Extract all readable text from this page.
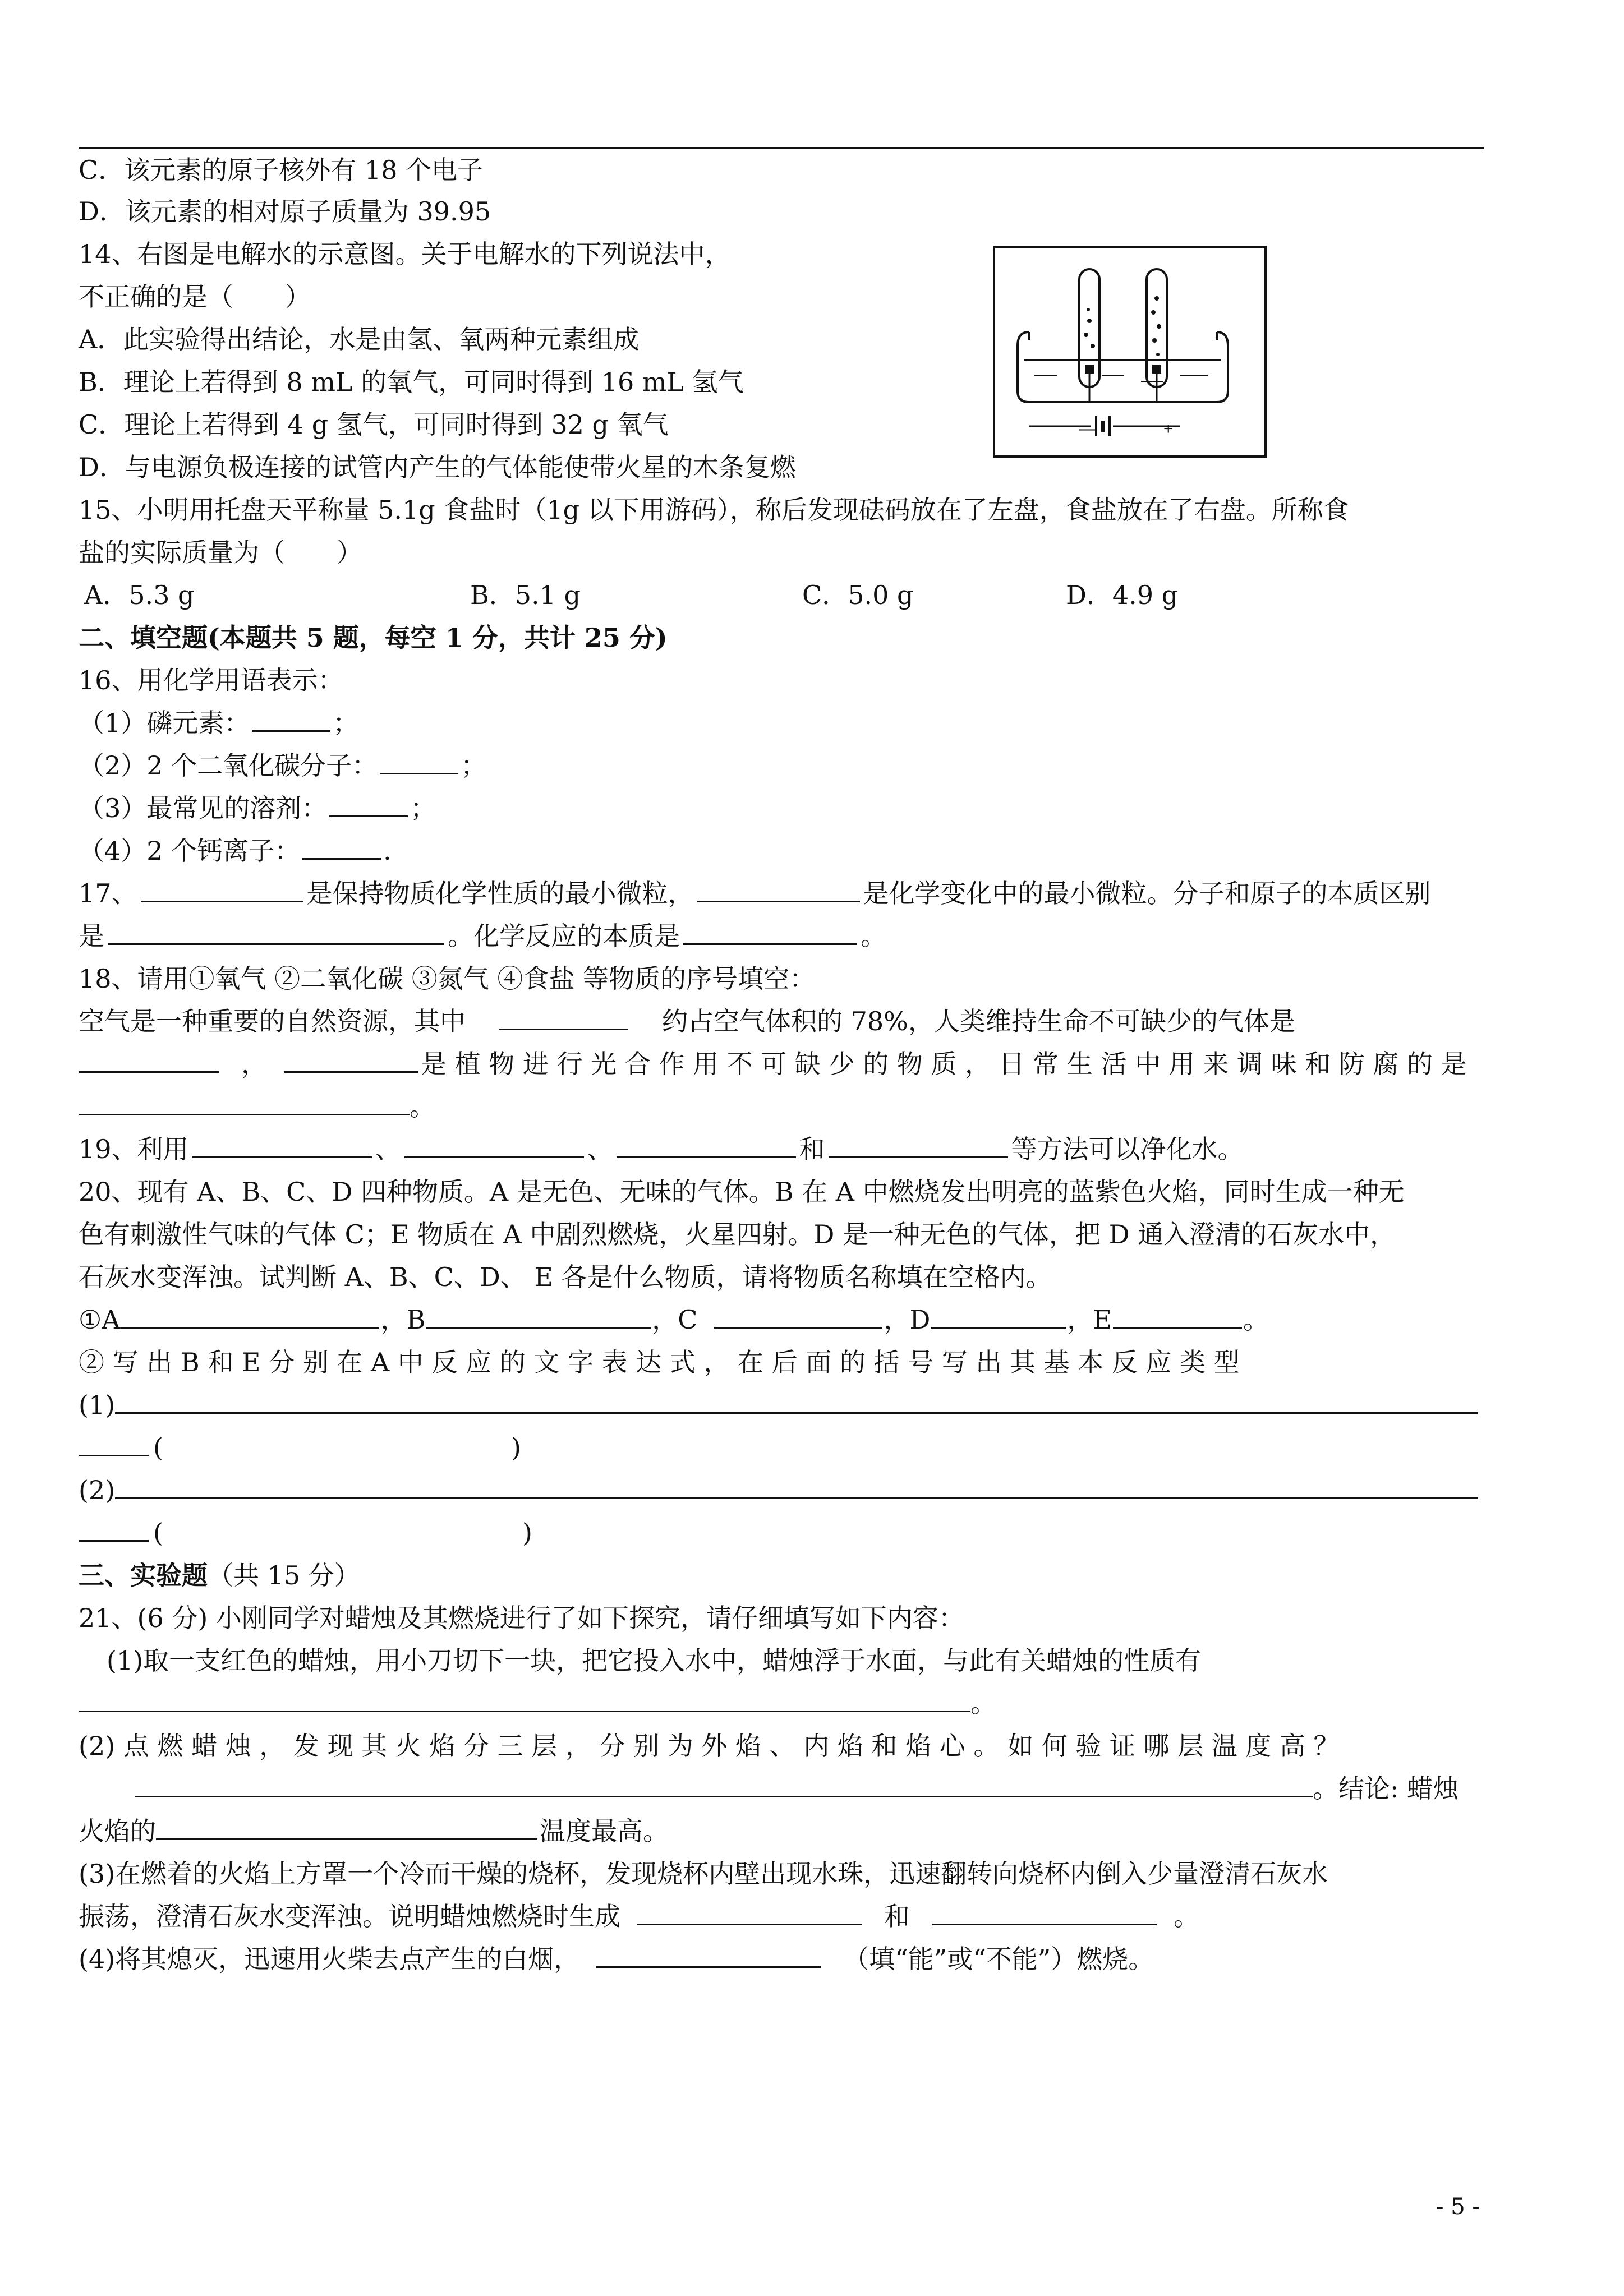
C．该元素的原子核外有 18 个电子
D．该元素的相对原子质量为 39.95
14、右图是电解水的示意图。关于电解水的下列说法中，
不正确的是（　　）
A．此实验得出结论，水是由氢、氧两种元素组成
B．理论上若得到 8 mL 的氧气，可同时得到 16 mL 氢气
C．理论上若得到 4 g 氢气，可同时得到 32 g 氧气
D．与电源负极连接的试管内产生的气体能使带火星的木条复燃
—	+
15、小明用托盘天平称量 5.1g 食盐时（1g 以下用游码），称后发现砝码放在了左盘，食盐放在了右盘。所称食
盐的实际质量为（　　）
A．5.3 g	B．5.1 g	C．5.0 g	D．4.9 g
二、填空题(本题共 5 题，每空 1 分，共计 25 分)
16、用化学用语表示：
（1）磷元素：	；
（2）2 个二氧化碳分子：	；
（3）最常见的溶剂：	；
（4）2 个钙离子：	.
17、	是保持物质化学性质的最小微粒，	是化学变化中的最小微粒。分子和原子的本质区别
是	。化学反应的本质是	。
18、请用①氧气 ②二氧化碳 ③氮气 ④食盐 等物质的序号填空：
空气是一种重要的自然资源，其中	约占空气体积的 78%，人类维持生命不可缺少的气体是
，	是 植 物 进 行 光 合 作 用 不 可 缺 少 的 物 质 ， 日 常 生 活 中 用 来 调 味 和 防 腐 的 是
。
19、利用	、	、	和	等方法可以净化水。
20、现有 A、B、C、D 四种物质。A 是无色、无味的气体。B 在 A 中燃烧发出明亮的蓝紫色火焰，同时生成一种无
色有刺激性气味的气体 C；E 物质在 A 中剧烈燃烧，火星四射。D 是一种无色的气体，把 D 通入澄清的石灰水中，
石灰水变浑浊。试判断 A、B、C、D、 E 各是什么物质，请将物质名称填在空格内。
①A	，B	，C	，D	，E	。
② 写 出 B 和 E 分 别 在 A 中 反 应 的 文 字 表 达 式 ， 在 后 面 的 括 号 写 出 其 基 本 反 应 类 型
(1)
(	)
(2)
(	)
三、实验题（共 15 分）
21、(6 分) 小刚同学对蜡烛及其燃烧进行了如下探究，请仔细填写如下内容：
(1)取一支红色的蜡烛，用小刀切下一块，把它投入水中，蜡烛浮于水面，与此有关蜡烛的性质有
。
(2) 点 燃 蜡 烛 ， 发 现 其 火 焰 分 三 层 ， 分 别 为 外 焰 、 内 焰 和 焰 心 。 如 何 验 证 哪 层 温 度 高 ？
。结论: 蜡烛
火焰的	温度最高。
(3)在燃着的火焰上方罩一个冷而干燥的烧杯，发现烧杯内壁出现水珠，迅速翻转向烧杯内倒入少量澄清石灰水
振荡，澄清石灰水变浑浊。说明蜡烛燃烧时生成	和	。
(4)将其熄灭，迅速用火柴去点产生的白烟，	（填“能”或“不能”）燃烧。
- 5 -
